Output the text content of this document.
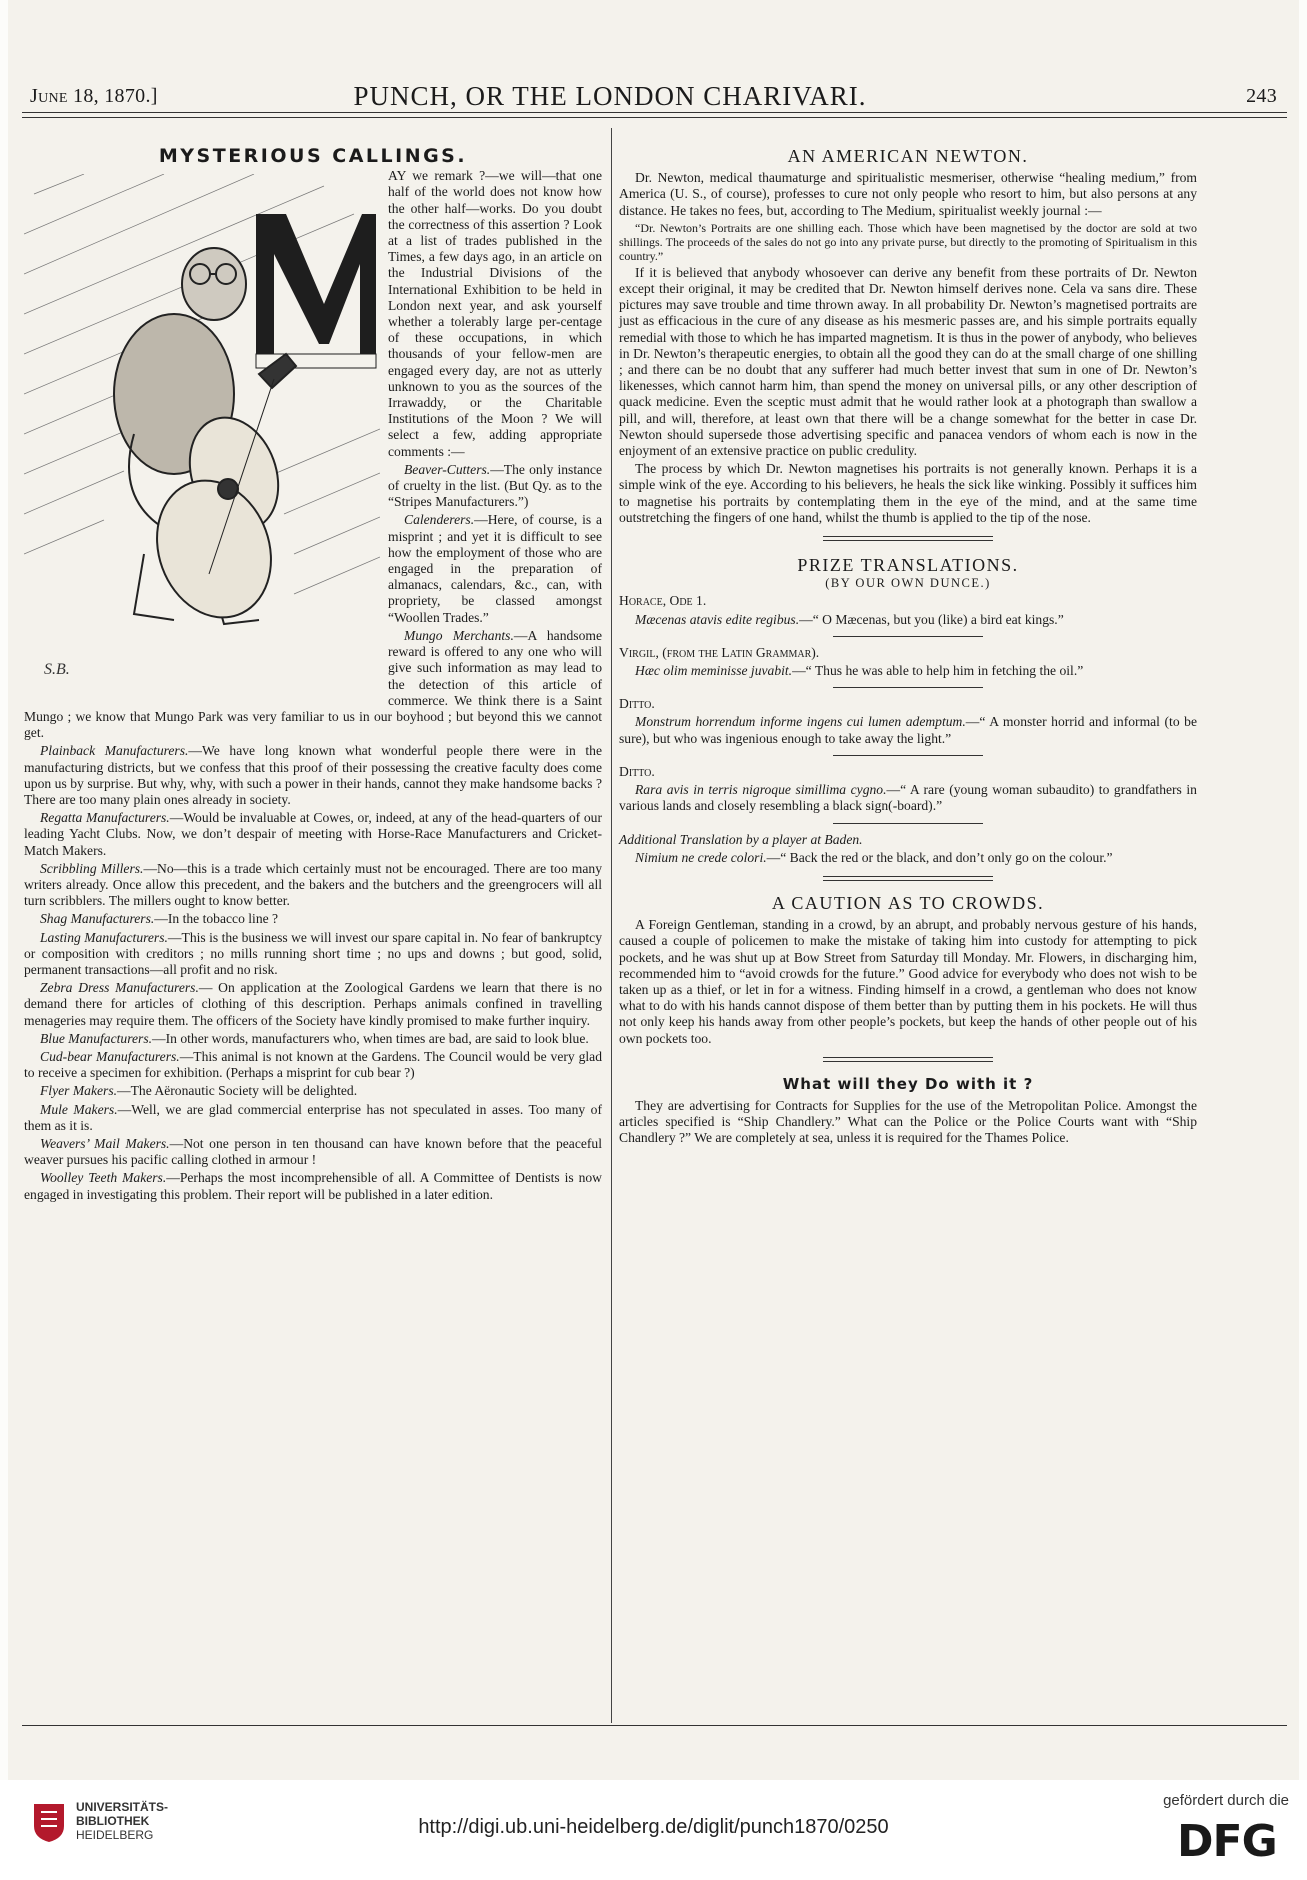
June 18, 1870.]	PUNCH, OR THE LONDON CHARIVARI.	243
MYSTERIOUS CALLINGS.
S.B.

AY we remark ?—we will—that one half of the world does not know how the other half—works. Do you doubt the correctness of this assertion ? Look at a list of trades published in the Times, a few days ago, in an article on the Industrial Divisions of the International Exhibition to be held in London next year, and ask yourself whether a tolerably large per-centage of these occupations, in which thousands of your fellow-men are engaged every day, are not as utterly unknown to you as the sources of the Irrawaddy, or the Charitable Institutions of the Moon ? We will select a few, adding appropriate comments :—

Beaver-Cutters.—The only instance of cruelty in the list. (But Qy. as to the “Stripes Manufacturers.”)

Calenderers.—Here, of course, is a misprint ; and yet it is difficult to see how the employment of those who are engaged in the preparation of almanacs, calendars, &c., can, with propriety, be classed amongst “Woollen Trades.”

Mungo Merchants.—A handsome reward is offered to any one who will give such information as may lead to the detection of this article of commerce. We think there is a Saint Mungo ; we know that Mungo Park was very familiar to us in our boyhood ; but beyond this we cannot get.

Plainback Manufacturers.—We have long known what wonderful people there were in the manufacturing districts, but we confess that this proof of their possessing the creative faculty does come upon us by surprise. But why, why, with such a power in their hands, cannot they make handsome backs ? There are too many plain ones already in society.

Regatta Manufacturers.—Would be invaluable at Cowes, or, indeed, at any of the head-quarters of our leading Yacht Clubs. Now, we don’t despair of meeting with Horse-Race Manufacturers and Cricket-Match Makers.

Scribbling Millers.—No—this is a trade which certainly must not be encouraged. There are too many writers already. Once allow this precedent, and the bakers and the butchers and the greengrocers will all turn scribblers. The millers ought to know better.

Shag Manufacturers.—In the tobacco line ?

Lasting Manufacturers.—This is the business we will invest our spare capital in. No fear of bankruptcy or composition with creditors ; no mills running short time ; no ups and downs ; but good, solid, permanent transactions—all profit and no risk.

Zebra Dress Manufacturers.— On application at the Zoological Gardens we learn that there is no demand there for articles of clothing of this description. Perhaps animals confined in travelling menageries may require them. The officers of the Society have kindly promised to make further inquiry.

Blue Manufacturers.—In other words, manufacturers who, when times are bad, are said to look blue.

Cud-bear Manufacturers.—This animal is not known at the Gardens. The Council would be very glad to receive a specimen for exhibition. (Perhaps a misprint for cub bear ?)

Flyer Makers.—The Aëronautic Society will be delighted.

Mule Makers.—Well, we are glad commercial enterprise has not speculated in asses. Too many of them as it is.

Weavers’ Mail Makers.—Not one person in ten thousand can have known before that the peaceful weaver pursues his pacific calling clothed in armour !

Woolley Teeth Makers.—Perhaps the most incomprehensible of all. A Committee of Dentists is now engaged in investigating this problem. Their report will be published in a later edition.

AN AMERICAN NEWTON.

Dr. Newton, medical thaumaturge and spiritualistic mesmeriser, otherwise “healing medium,” from America (U. S., of course), professes to cure not only people who resort to him, but also persons at any distance. He takes no fees, but, according to The Medium, spiritualist weekly journal :—

“Dr. Newton’s Portraits are one shilling each. Those which have been magnetised by the doctor are sold at two shillings. The proceeds of the sales do not go into any private purse, but directly to the promoting of Spiritualism in this country.”

If it is believed that anybody whosoever can derive any benefit from these portraits of Dr. Newton except their original, it may be credited that Dr. Newton himself derives none. Cela va sans dire. These pictures may save trouble and time thrown away. In all probability Dr. Newton’s magnetised portraits are just as efficacious in the cure of any disease as his mesmeric passes are, and his simple portraits equally remedial with those to which he has imparted magnetism. It is thus in the power of anybody, who believes in Dr. Newton’s therapeutic energies, to obtain all the good they can do at the small charge of one shilling ; and there can be no doubt that any sufferer had much better invest that sum in one of Dr. Newton’s likenesses, which cannot harm him, than spend the money on universal pills, or any other description of quack medicine. Even the sceptic must admit that he would rather look at a photograph than swallow a pill, and will, therefore, at least own that there will be a change somewhat for the better in case Dr. Newton should supersede those advertising specific and panacea vendors of whom each is now in the enjoyment of an extensive practice on public credulity.

The process by which Dr. Newton magnetises his portraits is not generally known. Perhaps it is a simple wink of the eye. According to his believers, he heals the sick like winking. Possibly it suffices him to magnetise his portraits by contemplating them in the eye of the mind, and at the same time outstretching the fingers of one hand, whilst the thumb is applied to the tip of the nose.

PRIZE TRANSLATIONS.
(BY OUR OWN DUNCE.)

Horace, Ode 1.

Mæcenas atavis edite regibus.—“ O Mæcenas, but you (like) a bird eat kings.”

Virgil, (from the Latin Grammar).

Hæc olim meminisse juvabit.—“ Thus he was able to help him in fetching the oil.”

Ditto.

Monstrum horrendum informe ingens cui lumen ademptum.—“ A monster horrid and informal (to be sure), but who was ingenious enough to take away the light.”

Ditto.

Rara avis in terris nigroque simillima cygno.—“ A rare (young woman subaudito) to grandfathers in various lands and closely resembling a black sign(-board).”

Additional Translation by a player at Baden.

Nimium ne crede colori.—“ Back the red or the black, and don’t only go on the colour.”

A CAUTION AS TO CROWDS.

A Foreign Gentleman, standing in a crowd, by an abrupt, and probably nervous gesture of his hands, caused a couple of policemen to make the mistake of taking him into custody for attempting to pick pockets, and he was shut up at Bow Street from Saturday till Monday. Mr. Flowers, in discharging him, recommended him to “avoid crowds for the future.” Good advice for everybody who does not wish to be taken up as a thief, or let in for a witness. Finding himself in a crowd, a gentleman who does not know what to do with his hands cannot dispose of them better than by putting them in his pockets. He will thus not only keep his hands away from other people’s pockets, but keep the hands of other people out of his own pockets too.

What will they Do with it ?

They are advertising for Contracts for Supplies for the use of the Metropolitan Police. Amongst the articles specified is “Ship Chandlery.” What can the Police or the Police Courts want with “Ship Chandlery ?” We are completely at sea, unless it is required for the Thames Police.

UNIVERSITÄTS-
BIBLIOTHEK
HEIDELBERG	http://digi.ub.uni-heidelberg.de/diglit/punch1870/0250
gefördert durch die
DFG
